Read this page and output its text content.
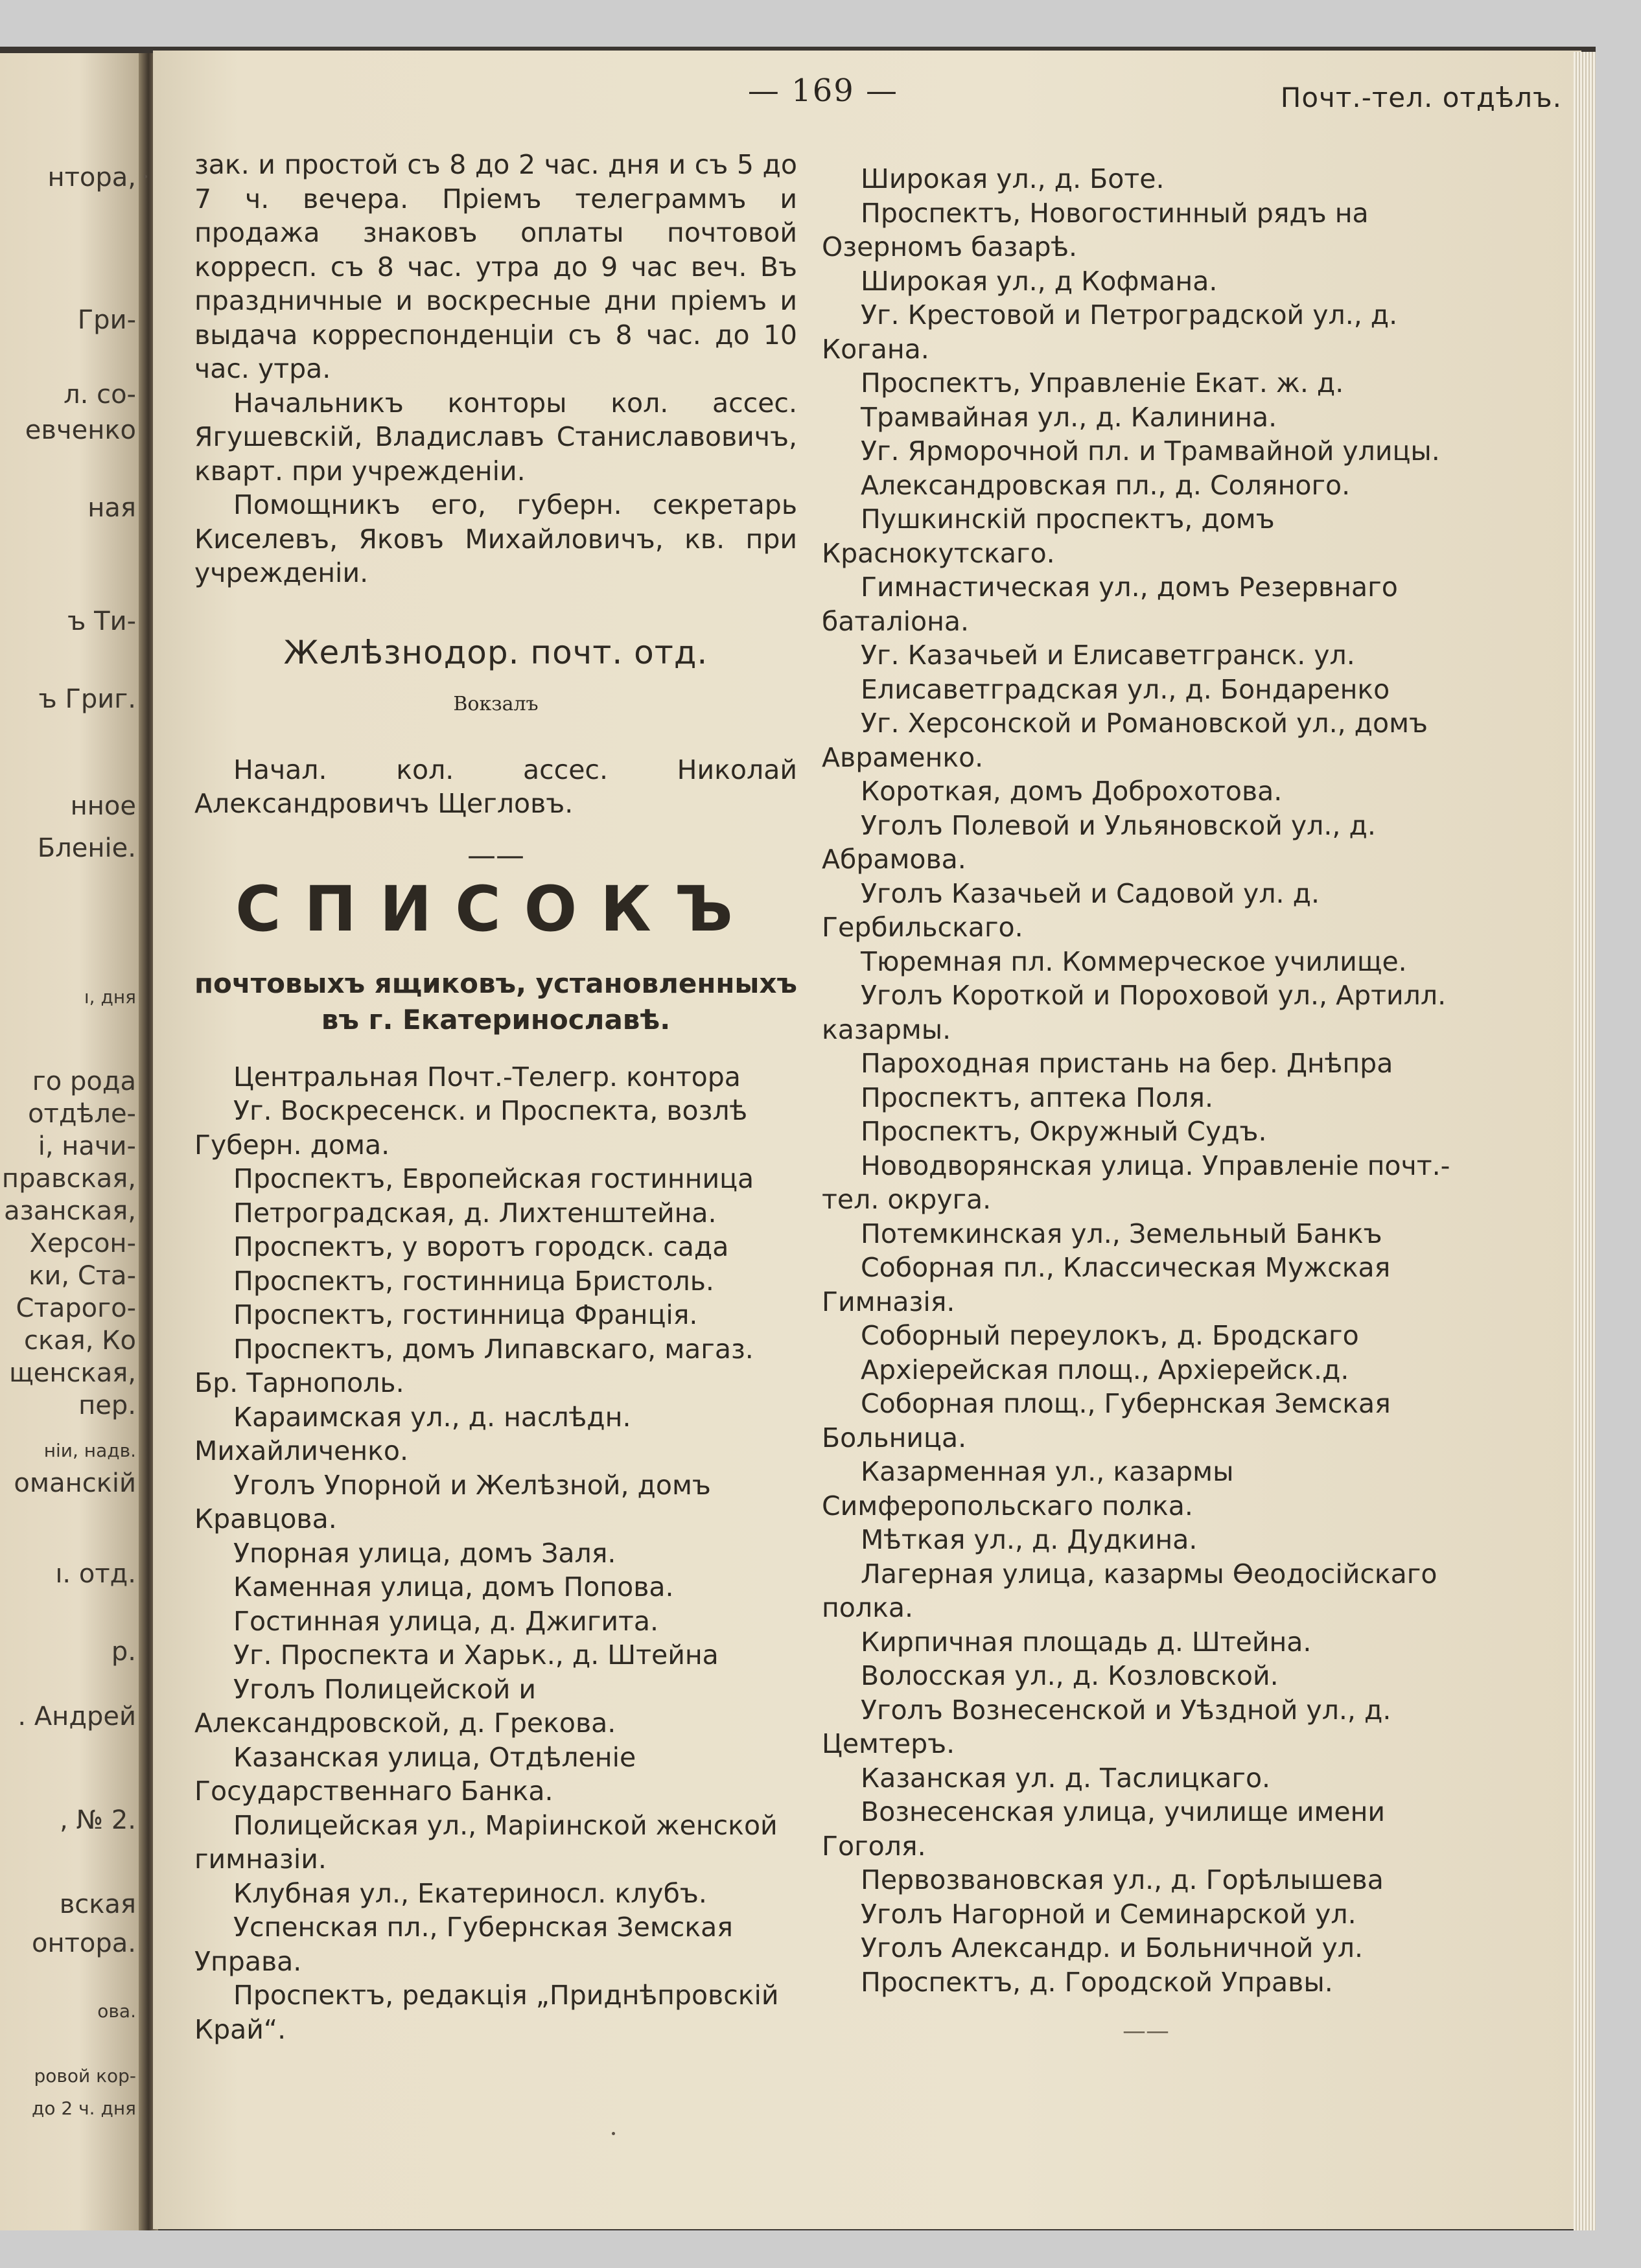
нтора,
Гри-
л. со-
евченко
ная
ъ Ти-
ъ Григ.
нное
Бленіе.
ı, дня
го рода
отдѣле-
і, начи-
правская,
азанская,
Херсон-
ки, Ста-
Старого-
ская, Ко
щенская,
пер.
ніи, надв.
оманскій
ı. отд.
p.
. Андрей
, № 2.
вская
онтора.
ова.
ровой кор-
до 2 ч. дня
— 169 —	Почт.-тел. отдѣлъ.

зак. и простой съ 8 до 2 час. дня и съ 5 до 7 ч. вечера. Пріемъ телеграммъ и продажа знаковъ оплаты почтовой корресп. съ 8 час. утра до 9 час веч. Въ праздничные и воскресные дни пріемъ и выдача корреспонденціи съ 8 час. до 10 час. утра.

Начальникъ конторы кол. ассес. Ягушевскій, Владиславъ Станиславовичъ, кварт. при учрежденіи.

Помощникъ его, губерн. секретарь Киселевъ, Яковъ Михайловичъ, кв. при учрежденіи.

Желѣзнодор. почт. отд.
Вокзалъ

Начал. кол. ассес. Николай Александровичъ Щегловъ.

——
СПИСОКЪ
почтовыхъ ящиковъ, установленныхъ
въ г. Екатеринославѣ.

Центральная Почт.-Телегр. контора

Уг. Воскресенск. и Проспекта, возлѣ Губерн. дома.

Проспектъ, Европейская гостинница

Петроградская, д. Лихтенштейна.

Проспектъ, у воротъ городск. сада

Проспектъ, гостинница Бристоль.

Проспектъ, гостинница Франція.

Проспектъ, домъ Липавскаго, магаз. Бр. Тарнополь.

Караимская ул., д. наслѣдн. Михайличенко.

Уголъ Упорной и Желѣзной, домъ Кравцова.

Упорная улица, домъ Заля.

Каменная улица, домъ Попова.

Гостинная улица, д. Джигита.

Уг. Проспекта и Харьк., д. Штейна

Уголъ Полицейской и Александровской, д. Грекова.

Казанская улица, Отдѣленіе Государственнаго Банка.

Полицейская ул., Маріинской женской гимназіи.

Клубная ул., Екатериносл. клубъ.

Успенская пл., Губернская Земская Управа.

Проспектъ, редакція „Приднѣпровскій Край“.

Широкая ул., д. Боте.

Проспектъ, Новогостинный рядъ на Озерномъ базарѣ.

Широкая ул., д Кофмана.

Уг. Крестовой и Петроградской ул., д. Когана.

Проспектъ, Управленіе Екат. ж. д.

Трамвайная ул., д. Калинина.

Уг. Ярморочной пл. и Трамвайной улицы.

Александровская пл., д. Соляного.

Пушкинскій проспектъ, домъ Краснокутскаго.

Гимнастическая ул., домъ Резервнаго баталіона.

Уг. Казачьей и Елисаветгранск. ул.

Елисаветградская ул., д. Бондаренко

Уг. Херсонской и Романовской ул., домъ Авраменко.

Короткая, домъ Доброхотова.

Уголъ Полевой и Ульяновской ул., д. Абрамова.

Уголъ Казачьей и Садовой ул. д. Гербильскаго.

Тюремная пл. Коммерческое училище.

Уголъ Короткой и Пороховой ул., Артилл. казармы.

Пароходная пристань на бер. Днѣпра

Проспектъ, аптека Поля.

Проспектъ, Окружный Судъ.

Новодворянская улица. Управленіе почт.-тел. округа.

Потемкинская ул., Земельный Банкъ

Соборная пл., Классическая Мужская Гимназія.

Соборный переулокъ, д. Бродскаго

Архіерейская площ., Архіерейск.д.

Соборная площ., Губернская Земская Больница.

Казарменная ул., казармы Симферопольскаго полка.

Мѣткая ул., д. Дудкина.

Лагерная улица, казармы Өеодосійскаго полка.

Кирпичная площадь д. Штейна.

Волосская ул., д. Козловской.

Уголъ Вознесенской и Уѣздной ул., д. Цемтеръ.

Казанская ул. д. Таслицкаго.

Вознесенская улица, училище имени Гоголя.

Первозвановская ул., д. Горѣлышева

Уголъ Нагорной и Семинарской ул.

Уголъ Александр. и Больничной ул.

Проспектъ, д. Городской Управы.

——
